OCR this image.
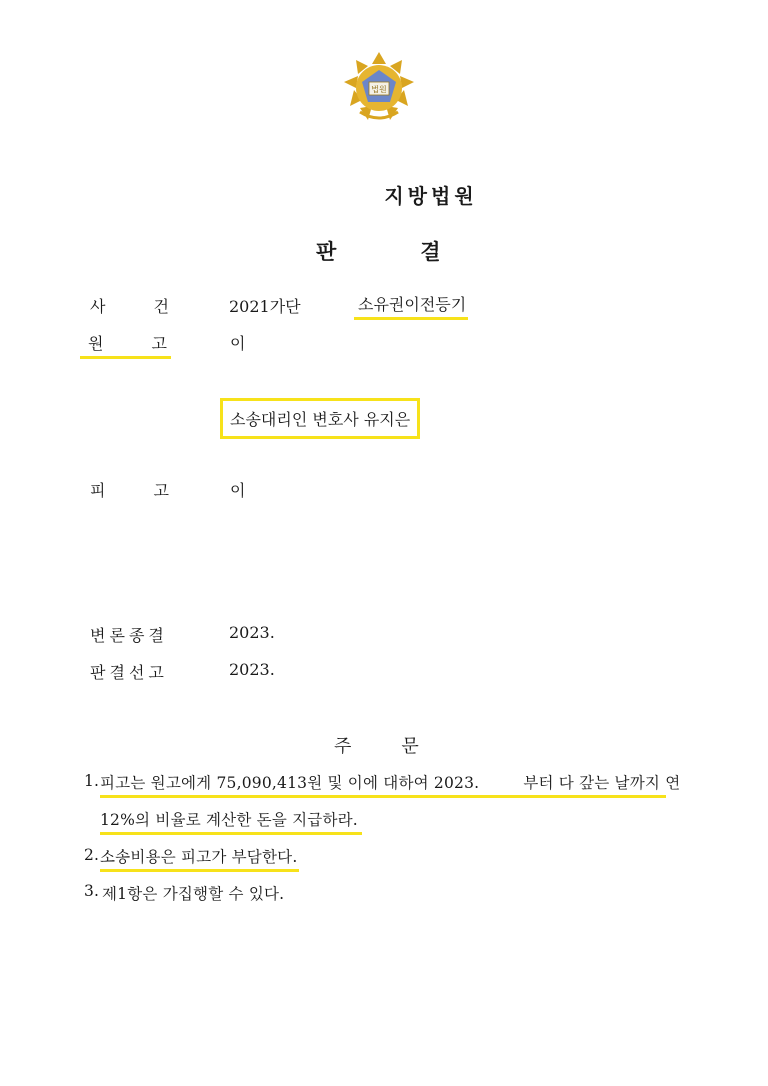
법원
지방법원
판	결
사	건	2021가단	소유권이전등기
원	고	이
소송대리인 변호사 유지은
피	고	이
변 론 종 결	2023.
판 결 선 고	2023.
주	문
1. 피고는 원고에게 75,090,413원 및 이에 대하여 2023.	부터 다 갚는 날까지 연
12%의 비율로 계산한 돈을 지급하라.
2. 소송비용은 피고가 부담한다.
3. 제1항은 가집행할 수 있다.
